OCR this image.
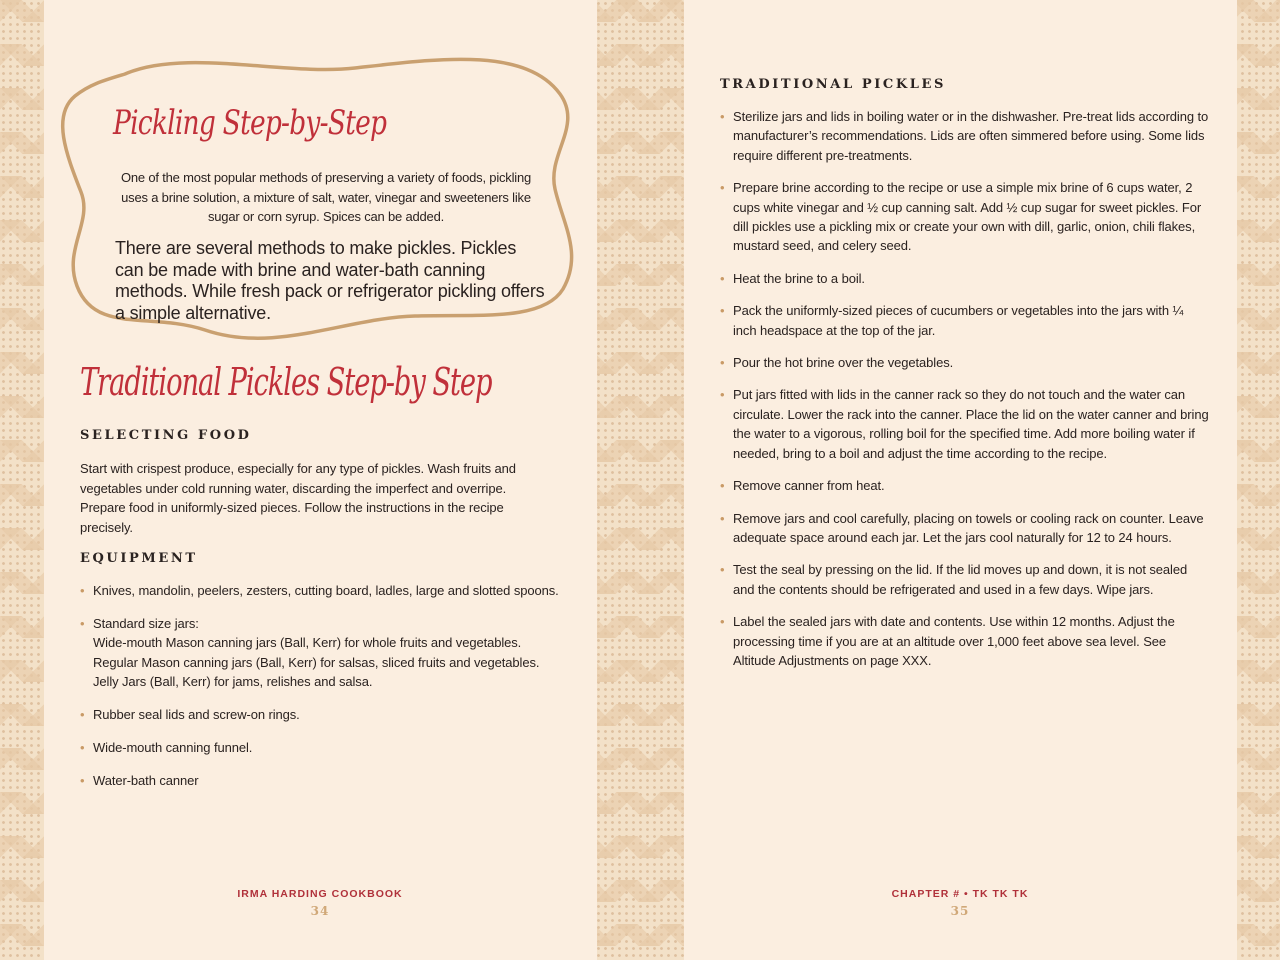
Pickling Step-by-Step

One of the most popular methods of preserving a variety of foods, pickling uses a brine solution, a mixture of salt, water, vinegar and sweeteners like sugar or corn syrup. Spices can be added.

There are several methods to make pickles. Pickles can be made with brine and water-bath canning methods. While fresh pack or refrigerator pickling offers a simple alternative.

Traditional Pickles Step-by Step
SELECTING FOOD

Start with crispest produce, especially for any type of pickles. Wash fruits and vegetables under cold running water, discarding the imperfect and overripe. Prepare food in uniformly-sized pieces. Follow the instructions in the recipe precisely.

EQUIPMENT
• Knives, mandolin, peelers, zesters, cutting board, ladles, large and slotted spoons.
• Standard size jars:
Wide-mouth Mason canning jars (Ball, Kerr) for whole fruits and vegetables.
Regular Mason canning jars (Ball, Kerr) for salsas, sliced fruits and vegetables.
Jelly Jars (Ball, Kerr) for jams, relishes and salsa.
• Rubber seal lids and screw-on rings.
• Wide-mouth canning funnel.
• Water-bath canner
IRMA HARDING COOKBOOK
34
TRADITIONAL PICKLES
• Sterilize jars and lids in boiling water or in the dishwasher. Pre-treat lids according to manufacturer’s recommendations. Lids are often simmered before using. Some lids require different pre-treatments.
• Prepare brine according to the recipe or use a simple mix brine of 6 cups water, 2 cups white vinegar and ½ cup canning salt. Add ½ cup sugar for sweet pickles. For dill pickles use a pickling mix or create your own with dill, garlic, onion, chili flakes, mustard seed, and celery seed.
• Heat the brine to a boil.
• Pack the uniformly-sized pieces of cucumbers or vegetables into the jars with ¼ inch headspace at the top of the jar.
• Pour the hot brine over the vegetables.
• Put jars fitted with lids in the canner rack so they do not touch and the water can circulate. Lower the rack into the canner. Place the lid on the water canner and bring the water to a vigorous, rolling boil for the specified time. Add more boiling water if needed, bring to a boil and adjust the time according to the recipe.
• Remove canner from heat.
• Remove jars and cool carefully, placing on towels or cooling rack on counter. Leave adequate space around each jar. Let the jars cool naturally for 12 to 24 hours.
• Test the seal by pressing on the lid. If the lid moves up and down, it is not sealed and the contents should be refrigerated and used in a few days. Wipe jars.
• Label the sealed jars with date and contents. Use within 12 months. Adjust the processing time if you are at an altitude over 1,000 feet above sea level. See Altitude Adjustments on page XXX.
CHAPTER # • TK TK TK
35
